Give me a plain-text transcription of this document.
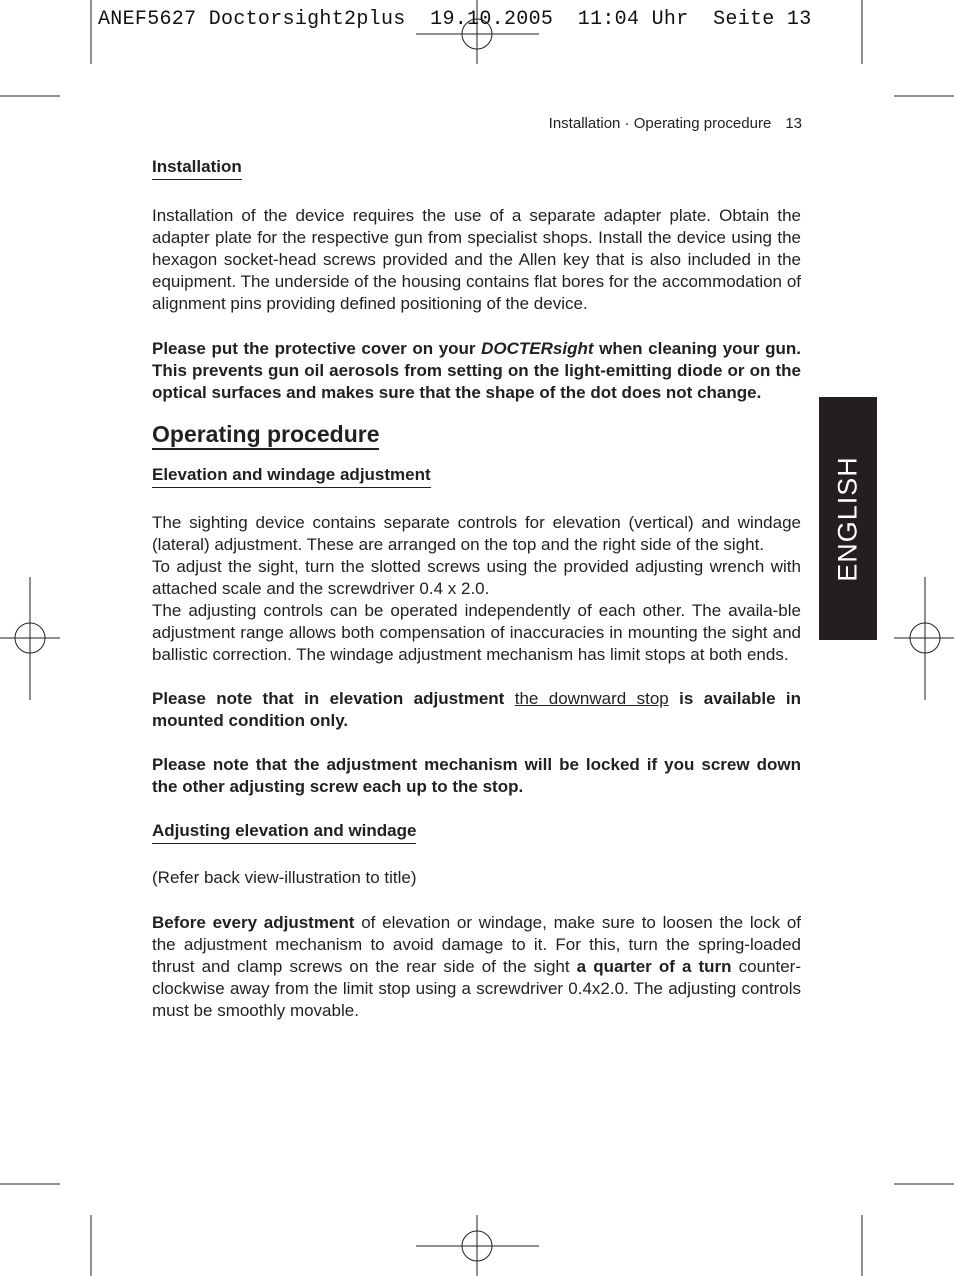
ANEF5627 Doctorsight2plus  19.10.2005  11:04 Uhr  Seite 13
Installation · Operating procedure 13
ENGLISH
Installation

Installation of the device requires the use of a separate adapter plate. Obtain the adapter plate for the respective gun from specialist shops. Install the device using the hexagon socket-head screws provided and the Allen key that is also included in the equipment. The underside of the housing contains flat bores for the accommodation of alignment pins providing defined positioning of the device.

Please put the protective cover on your DOCTERsight when cleaning your gun. This prevents gun oil aerosols from setting on the light-emitting diode or on the optical surfaces and makes sure that the shape of the dot does not change.

Operating procedure
Elevation and windage adjustment

The sighting device contains separate controls for elevation (vertical) and windage (lateral) adjustment. These are arranged on the top and the right side of the sight.

To adjust the sight, turn the slotted screws using the provided adjusting wrench with attached scale and the screwdriver 0.4 x 2.0.

The adjusting controls can be operated independently of each other. The availa-ble adjustment range allows both compensation of inaccuracies in mounting the sight and ballistic correction. The windage adjustment mechanism has limit stops at both ends.

Please note that in elevation adjustment the downward stop is available in mounted condition only.

Please note that the adjustment mechanism will be locked if you screw down the other adjusting screw each up to the stop.

Adjusting elevation and windage

(Refer back view-illustration to title)

Before every adjustment of elevation or windage, make sure to loosen the lock of the adjustment mechanism to avoid damage to it. For this, turn the spring-loaded thrust and clamp screws on the rear side of the sight a quarter of a turn counter-clockwise away from the limit stop using a screwdriver 0.4x2.0. The adjusting controls must be smoothly movable.
